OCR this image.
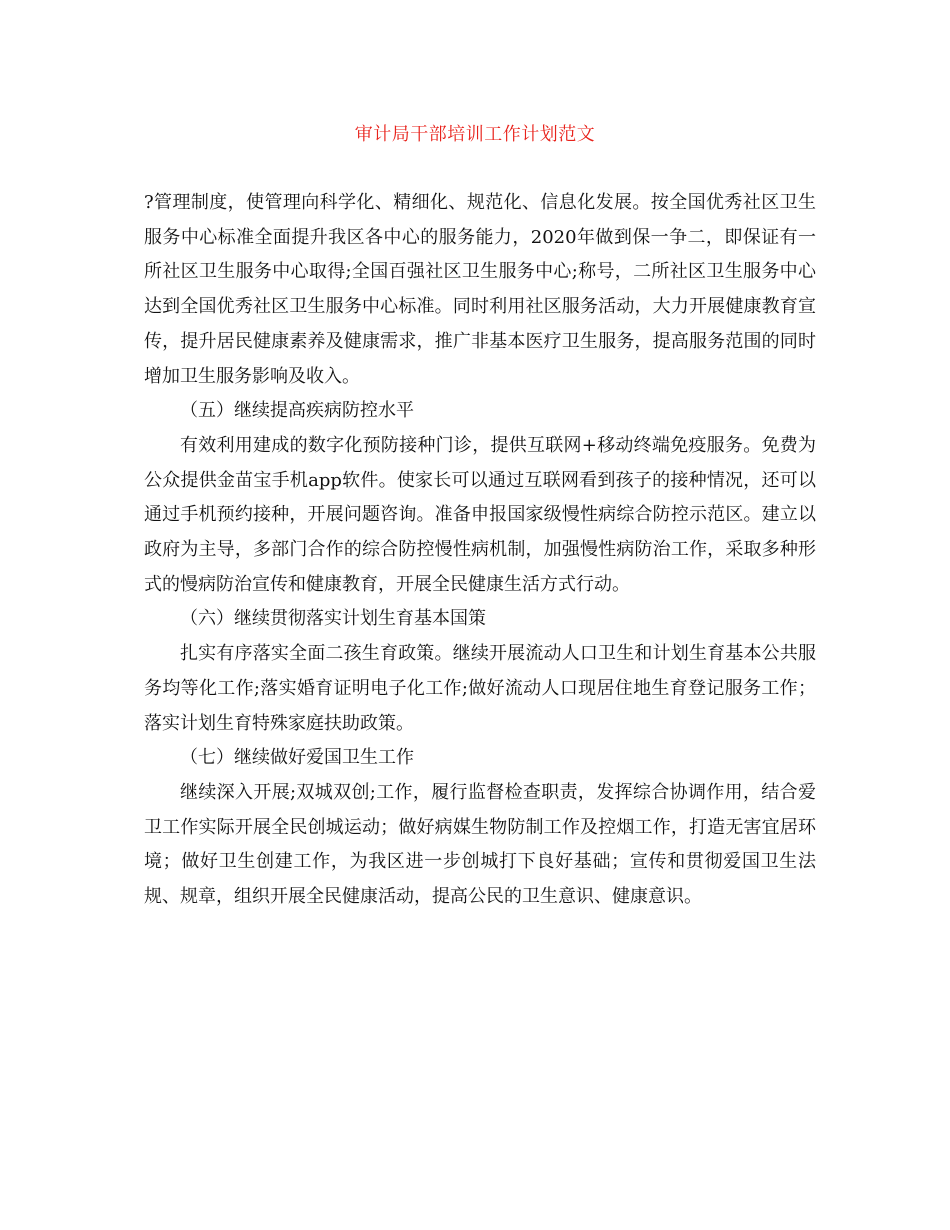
审计局干部培训工作计划范文

?管理制度，使管理向科学化、精细化、规范化、信息化发展。按全国优秀社区卫生服务中心标准全面提升我区各中心的服务能力，2020年做到保一争二，即保证有一所社区卫生服务中心取得;全国百强社区卫生服务中心;称号，二所社区卫生服务中心达到全国优秀社区卫生服务中心标准。同时利用社区服务活动，大力开展健康教育宣传，提升居民健康素养及健康需求，推广非基本医疗卫生服务，提高服务范围的同时增加卫生服务影响及收入。

（五）继续提高疾病防控水平

有效利用建成的数字化预防接种门诊，提供互联网+移动终端免疫服务。免费为公众提供金苗宝手机app软件。使家长可以通过互联网看到孩子的接种情况，还可以通过手机预约接种，开展问题咨询。准备申报国家级慢性病综合防控示范区。建立以政府为主导，多部门合作的综合防控慢性病机制，加强慢性病防治工作，采取多种形式的慢病防治宣传和健康教育，开展全民健康生活方式行动。

（六）继续贯彻落实计划生育基本国策

扎实有序落实全面二孩生育政策。继续开展流动人口卫生和计划生育基本公共服务均等化工作;落实婚育证明电子化工作;做好流动人口现居住地生育登记服务工作；落实计划生育特殊家庭扶助政策。

（七）继续做好爱国卫生工作

继续深入开展;双城双创;工作，履行监督检查职责，发挥综合协调作用，结合爱卫工作实际开展全民创城运动；做好病媒生物防制工作及控烟工作，打造无害宜居环境；做好卫生创建工作，为我区进一步创城打下良好基础；宣传和贯彻爱国卫生法规、规章，组织开展全民健康活动，提高公民的卫生意识、健康意识。
